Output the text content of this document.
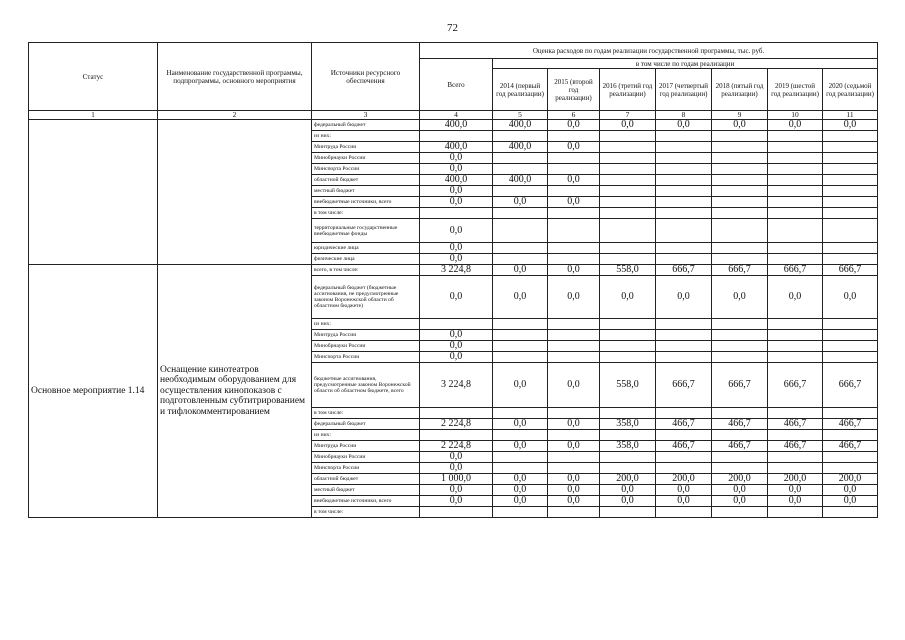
72
Статус	Наименование государственной программы, подпрограммы, основного мероприятия	Источники ресурсного обеспечения	Оценка расходов по годам реализации государственной программы, тыс. руб.							
			Всего	в том числе по годам реализации						
				2014 (первый год реализации)	2015 (второй год реализации)	2016 (третий год реализации)	2017 (четвертый год реализации)	2018 (пятый год реализации)	2019 (шестой год реализации)	2020 (седьмой год реализации)
1	2	3	4	5	6	7	8	9	10	11
		федеральный бюджет	400,0	400,0	0,0	0,0	0,0	0,0	0,0	0,0
		из них:								
		Минтруда России	400,0	400,0	0,0					
		Минобрнауки России	0,0							
		Минспорта России	0,0							
		областной бюджет	400,0	400,0	0,0					
		местный бюджет	0,0							
		внебюджетные источники, всего	0,0	0,0	0,0					
		в том числе:								
		территориальные государственные внебюджетные фонды	0,0							
		юридические лица	0,0							
		физические лица	0,0							
Основное мероприятие 1.14	Оснащение кинотеатров необходимым оборудованием для осуществления кинопоказов с подготовленным субтитрированием и тифлокомментированием	всего, в том числе:	3 224,8	0,0	0,0	558,0	666,7	666,7	666,7	666,7
		федеральный бюджет (бюджетные ассигнования, не предусмотренные законом Воронежской области об областном бюджете)	0,0	0,0	0,0	0,0	0,0	0,0	0,0	0,0
		из них:								
		Минтруда России	0,0							
		Минобрнауки России	0,0							
		Минспорта России	0,0							
		бюджетные ассигнования, предусмотренные законом Воронежской области об областном бюджете, всего	3 224,8	0,0	0,0	558,0	666,7	666,7	666,7	666,7
		в том числе:								
		федеральный бюджет	2 224,8	0,0	0,0	358,0	466,7	466,7	466,7	466,7
		из них:								
		Минтруда России	2 224,8	0,0	0,0	358,0	466,7	466,7	466,7	466,7
		Минобрнауки России	0,0							
		Минспорта России	0,0							
		областной бюджет	1 000,0	0,0	0,0	200,0	200,0	200,0	200,0	200,0
		местный бюджет	0,0	0,0	0,0	0,0	0,0	0,0	0,0	0,0
		внебюджетные источники, всего	0,0	0,0	0,0	0,0	0,0	0,0	0,0	0,0
		в том числе:								
